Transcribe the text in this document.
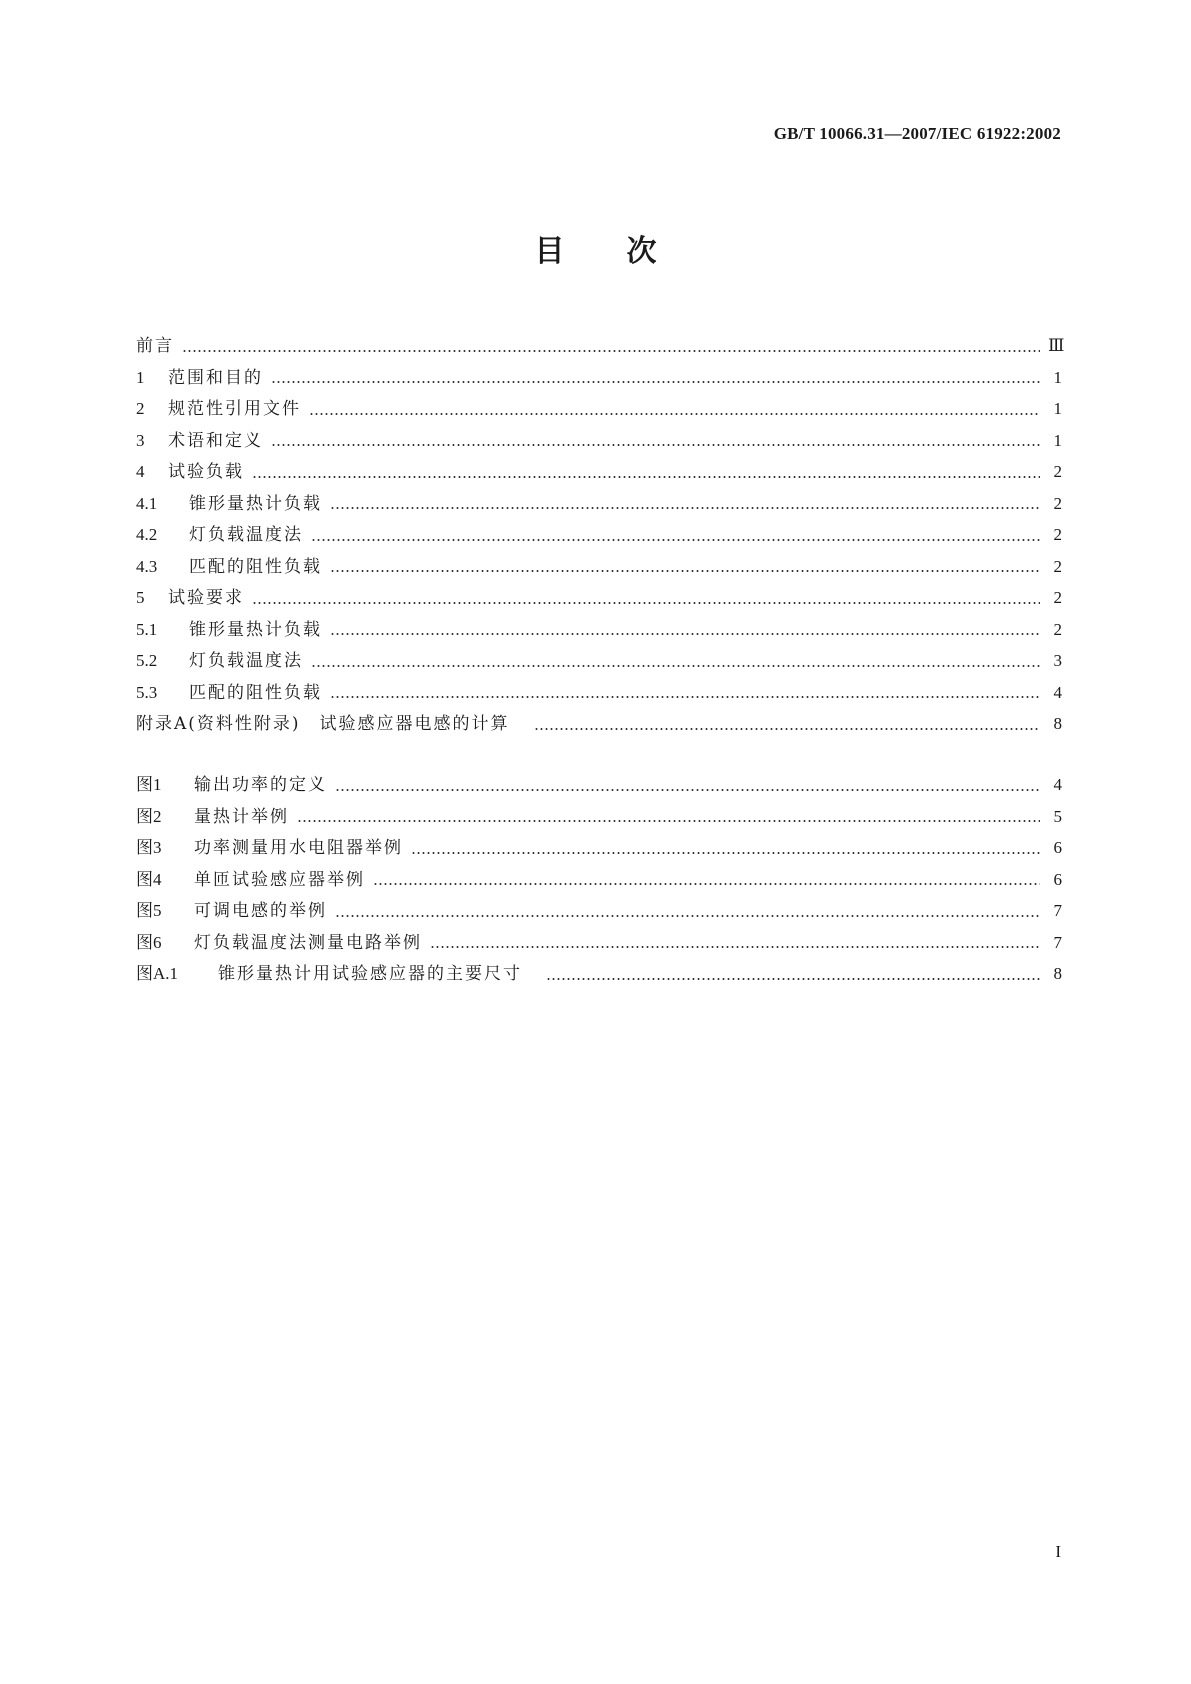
GB/T 10066.31—2007/IEC 61922:2002
目次
前言	Ⅲ
1	范围和目的	1
2	规范性引用文件	1
3	术语和定义	1
4	试验负载	2
4.1	锥形量热计负载	2
4.2	灯负载温度法	2
4.3	匹配的阻性负载	2
5	试验要求	2
5.1	锥形量热计负载	2
5.2	灯负载温度法	3
5.3	匹配的阻性负载	4
附录A(资料性附录)　试验感应器电感的计算	8
图1	输出功率的定义	4
图2	量热计举例	5
图3	功率测量用水电阻器举例	6
图4	单匝试验感应器举例	6
图5	可调电感的举例	7
图6	灯负载温度法测量电路举例	7
图A.1	锥形量热计用试验感应器的主要尺寸	8
I
